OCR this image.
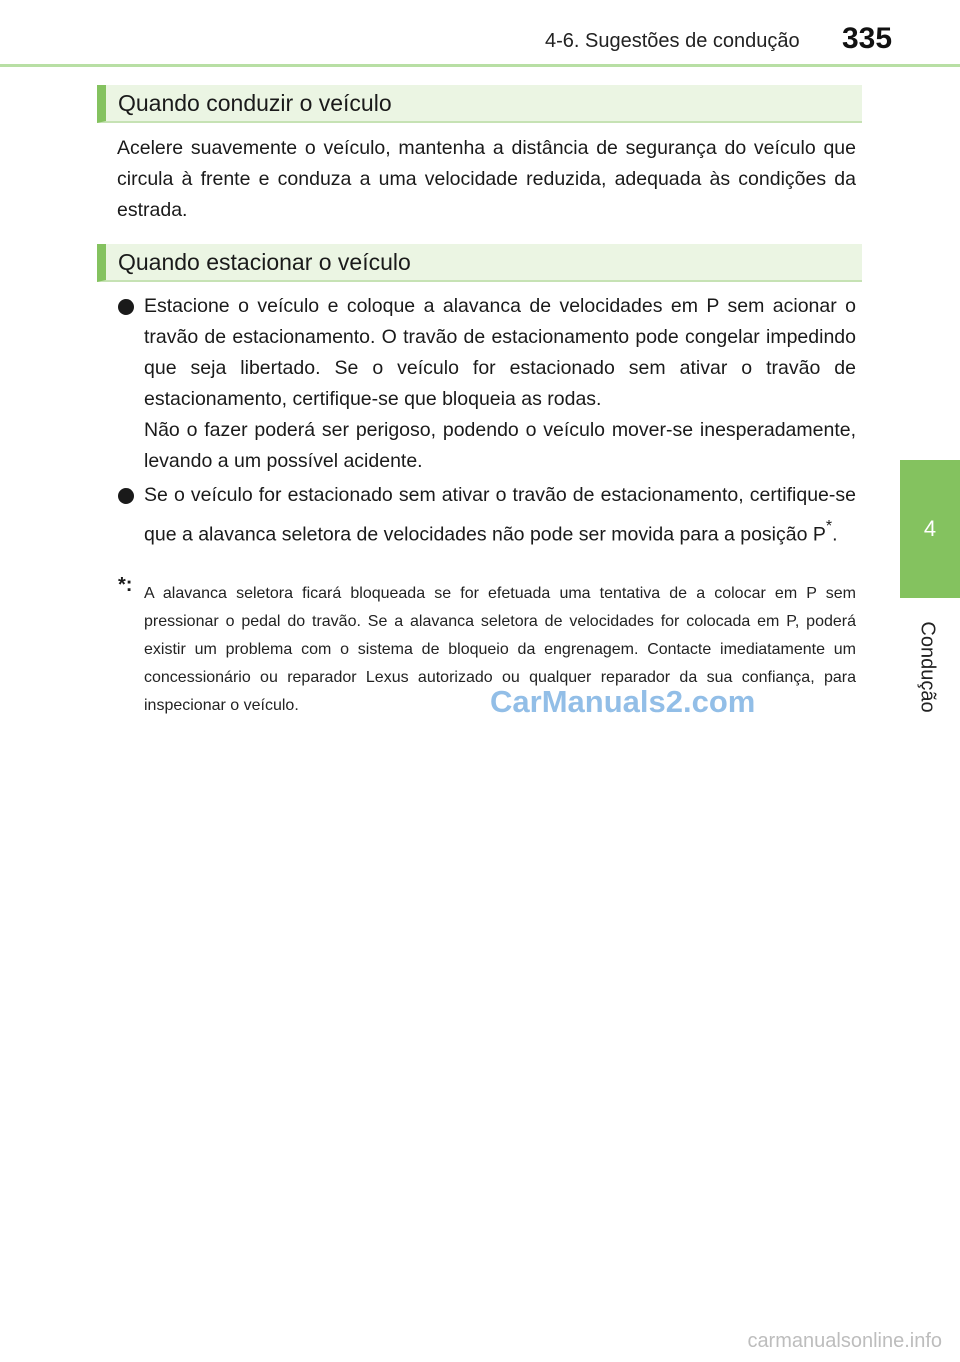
4-6. Sugestões de condução 335
4
Condução
Quando conduzir o veículo

Acelere suavemente o veículo, mantenha a distância de segurança do veículo que circula à frente e conduza a uma velocidade reduzida, adequada às condições da estrada.

Quando estacionar o veículo

Estacione o veículo e coloque a alavanca de velocidades em P sem acionar o travão de estacionamento. O travão de estacionamento pode congelar impedindo que seja libertado. Se o veículo for estacionado sem ativar o travão de estacionamento, certifique-se que bloqueia as rodas.

Não o fazer poderá ser perigoso, podendo o veículo mover-se inesperadamente, levando a um possível acidente.

Se o veículo for estacionado sem ativar o travão de estacionamento, certifique-se que a alavanca seletora de velocidades não pode ser movida para a posição P*.

*: A alavanca seletora ficará bloqueada se for efetuada uma tentativa de a colocar em P sem pressionar o pedal do travão. Se a alavanca seletora de velocidades for colocada em P, poderá existir um problema com o sistema de bloqueio da engrenagem. Contacte imediatamente um concessionário ou reparador Lexus autorizado ou qualquer reparador da sua confiança, para inspecionar o veículo.	CarManuals2.com
carmanualsonline.info
